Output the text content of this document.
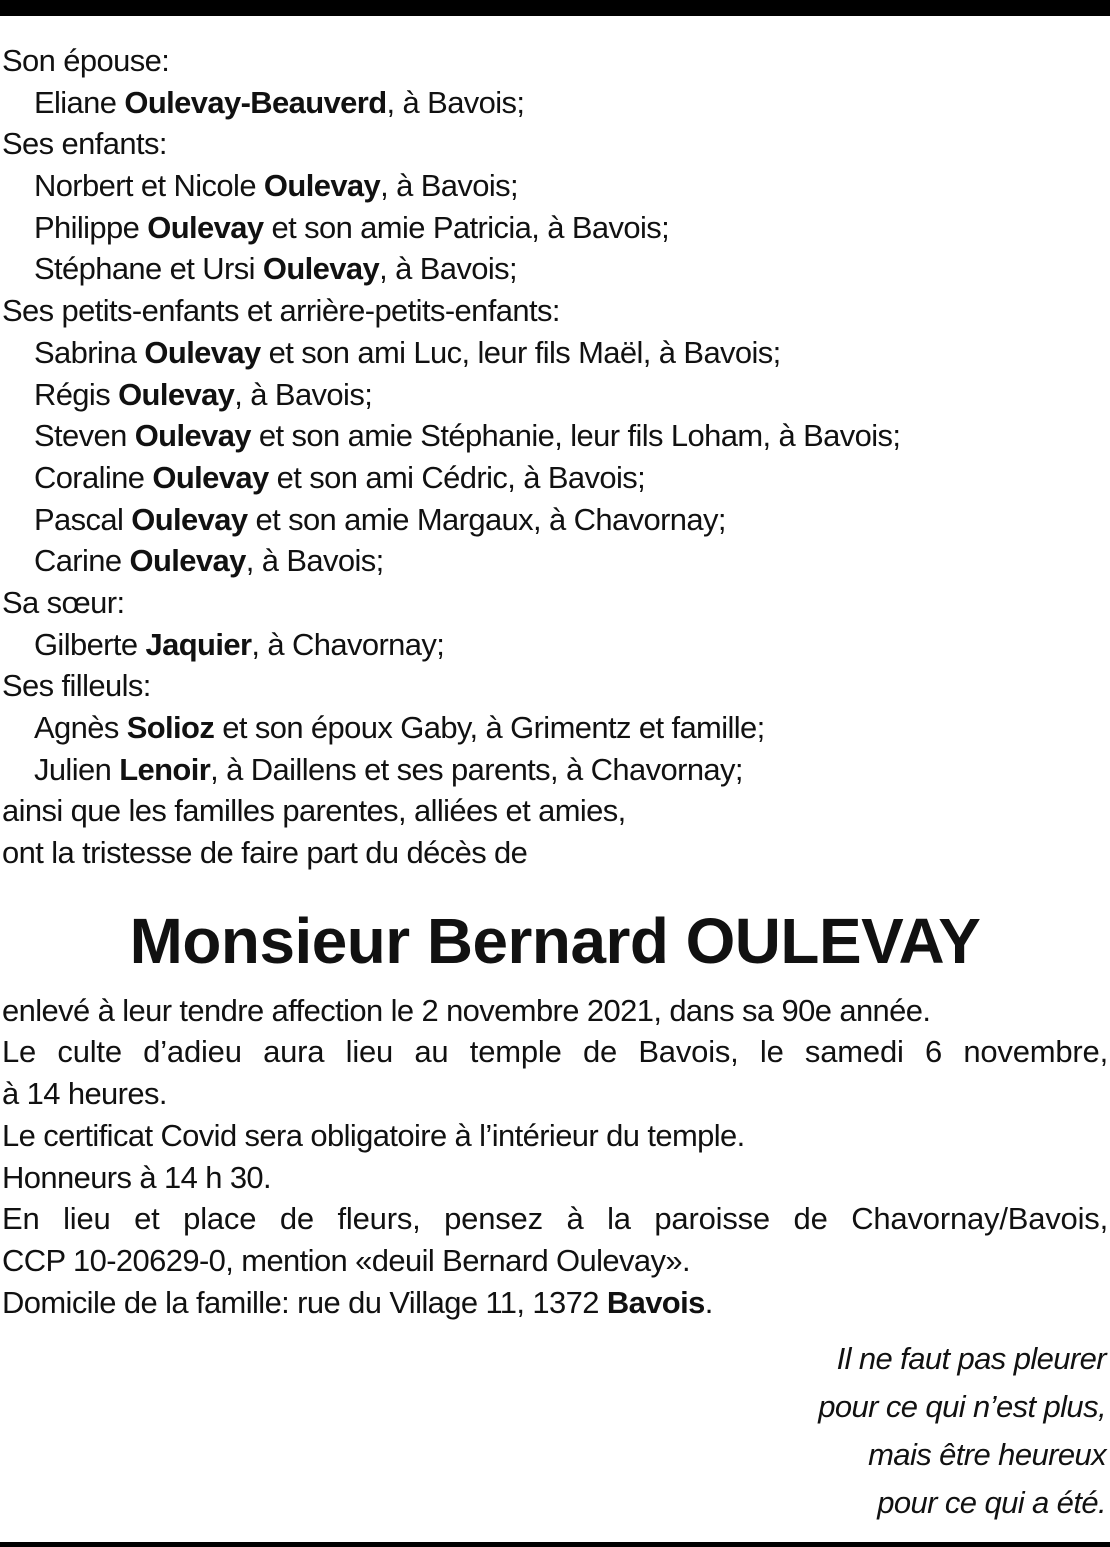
Son épouse:
Eliane Oulevay-Beauverd, à Bavois;
Ses enfants:
Norbert et Nicole Oulevay, à Bavois;
Philippe Oulevay et son amie Patricia, à Bavois;
Stéphane et Ursi Oulevay, à Bavois;
Ses petits-enfants et arrière-petits-enfants:
Sabrina Oulevay et son ami Luc, leur fils Maël, à Bavois;
Régis Oulevay, à Bavois;
Steven Oulevay et son amie Stéphanie, leur fils Loham, à Bavois;
Coraline Oulevay et son ami Cédric, à Bavois;
Pascal Oulevay et son amie Margaux, à Chavornay;
Carine Oulevay, à Bavois;
Sa sœur:
Gilberte Jaquier, à Chavornay;
Ses filleuls:
Agnès Solioz et son époux Gaby, à Grimentz et famille;
Julien Lenoir, à Daillens et ses parents, à Chavornay;
ainsi que les familles parentes, alliées et amies,
ont la tristesse de faire part du décès de
Monsieur Bernard OULEVAY
enlevé à leur tendre affection le 2 novembre 2021, dans sa 90e année.
Le culte d’adieu aura lieu au temple de Bavois, le samedi 6 novembre,
à 14 heures.
Le certificat Covid sera obligatoire à l’intérieur du temple.
Honneurs à 14 h 30.
En lieu et place de fleurs, pensez à la paroisse de Chavornay/Bavois,
CCP 10-20629-0, mention «deuil Bernard Oulevay».
Domicile de la famille: rue du Village 11, 1372 Bavois.
Il ne faut pas pleurer
pour ce qui n’est plus,
mais être heureux
pour ce qui a été.
